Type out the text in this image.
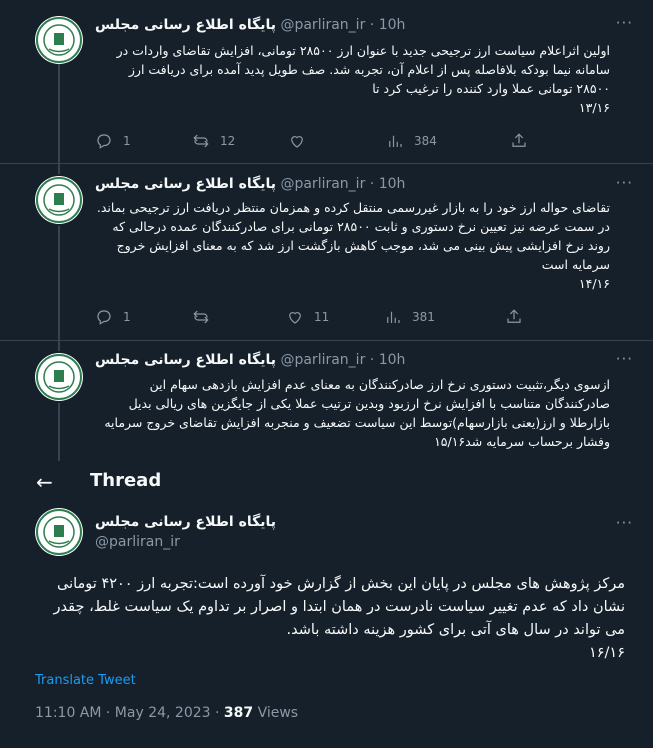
پایگاه اطلاع رسانی مجلس @parliran_ir · 10h	···
اولین اثراعلام سیاست ارز ترجیحی جدید با عنوان ارز ۲۸۵۰۰ تومانی، افزایش تقاضای واردات در سامانه نیما بودکه بلافاصله پس از اعلام آن، تجربه شد. صف طویل پدید آمده برای دریافت ارز ۲۸۵۰۰ تومانی عملا وارد کننده را ترغیب کرد تا
۱۳/۱۶
1	12	384
پایگاه اطلاع رسانی مجلس @parliran_ir · 10h	···
تقاضای حواله ارز خود را به بازار غیررسمی منتقل کرده و همزمان منتظر دریافت ارز ترجیحی بماند. در سمت عرضه نیز تعیین نرخ دستوری و ثابت ۲۸۵۰۰ تومانی برای صادرکنندگان عمده درحالی که روند نرخ افزایشی پیش بینی می شد، موجب کاهش بازگشت ارز شد که به معنای افزایش خروج سرمایه است
۱۴/۱۶
1	11	381
پایگاه اطلاع رسانی مجلس @parliran_ir · 10h	···
ازسوی دیگر،تثبیت دستوری نرخ ارز صادرکنندگان به معنای عدم افزایش بازدهی سهام این صادرکنندگان متناسب با افزایش نرخ ارزبود وبدین ترتیب عملا یکی از جایگزین های ریالی بدیل بازارطلا و ارز(یعنی بازارسهام)توسط این سیاست تضعیف و منجربه افزایش تقاضای خروج سرمایه وفشار برحساب سرمایه شد۱۵/۱۶
← Thread
پایگاه اطلاع رسانی مجلس
@parliran_ir
···
مرکز پژوهش های مجلس در پایان این بخش از گزارش خود آورده است:تجربه ارز ۴۲۰۰ تومانی نشان داد که عدم تغییر سیاست نادرست در همان ابتدا و اصرار بر تداوم یک سیاست غلط، چقدر می تواند در سال های آتی برای کشور هزینه داشته باشد.
۱۶/۱۶
Translate Tweet
11:10 AM · May 24, 2023 · 387 Views
